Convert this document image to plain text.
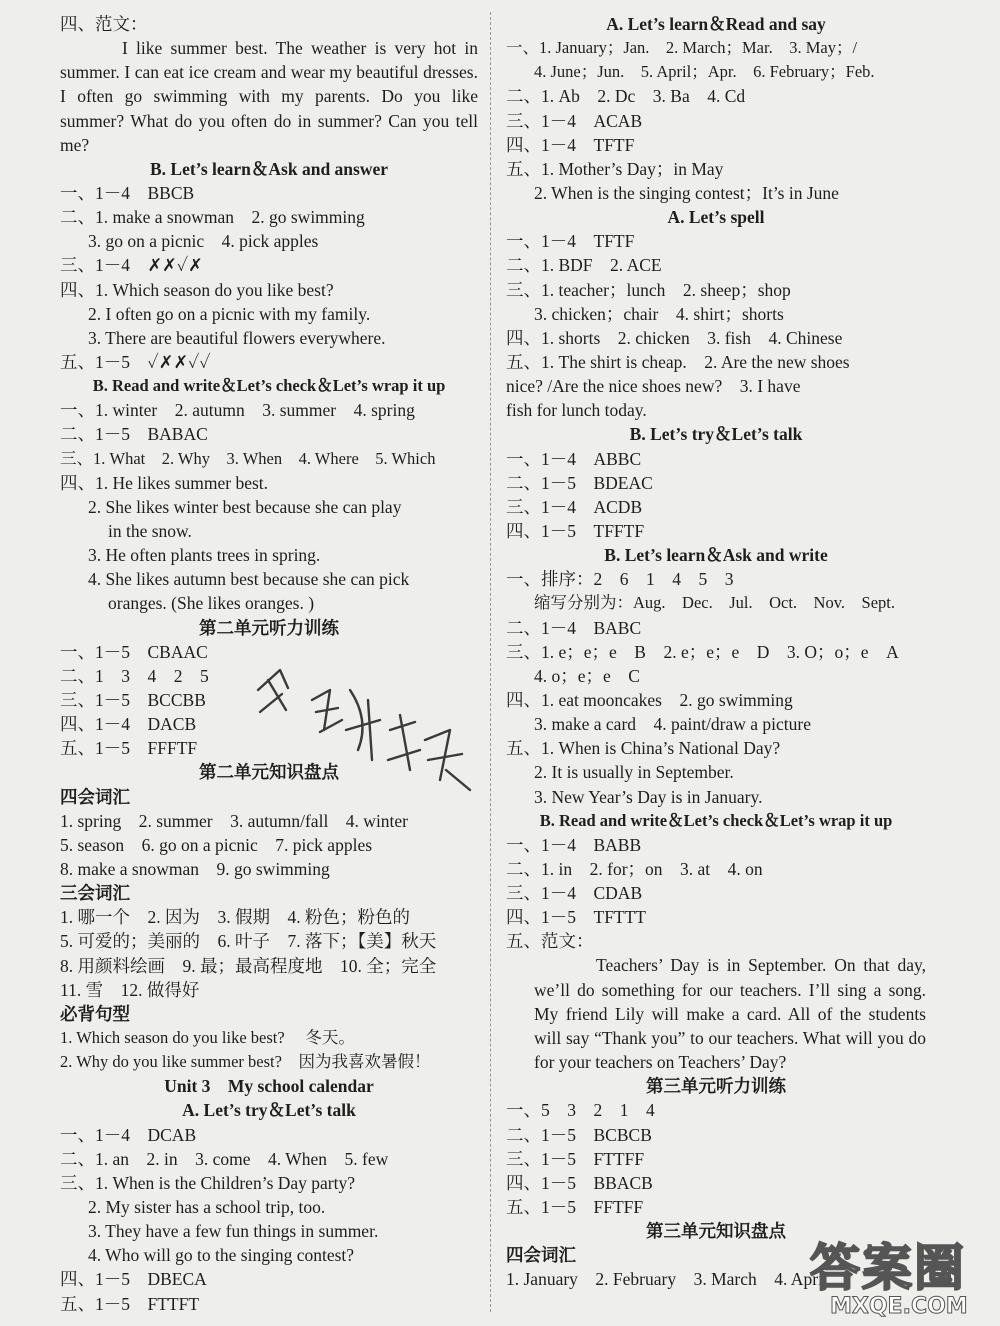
四、范文：
I like summer best. The weather is very hot in summer. I can eat ice cream and wear my beautiful dresses. I often go swimming with my parents. Do you like summer? What do you often do in summer? Can you tell me?
B. Let’s learn＆Ask and answer
一、1－4　BBCB
二、1. make a snowman　2. go swimming
3. go on a picnic　4. pick apples
三、1－4　✗✗✓✗
四、1. Which season do you like best?
2. I often go on a picnic with my family.
3. There are beautiful flowers everywhere.
五、1－5　✓✗✗✓✓
B. Read and write＆Let’s check＆Let’s wrap it up
一、1. winter　2. autumn　3. summer　4. spring
二、1－5　BABAC
三、1. What　2. Why　3. When　4. Where　5. Which
四、1. He likes summer best.
2. She likes winter best because she can play
in the snow.
3. He often plants trees in spring.
4. She likes autumn best because she can pick
oranges. (She likes oranges. )
第二单元听力训练
一、1－5　CBAAC
二、1　3　4　2　5
三、1－5　BCCBB
四、1－4　DACB
五、1－5　FFFTF
第二单元知识盘点
四会词汇
1. spring　2. summer　3. autumn/fall　4. winter
5. season　6. go on a picnic　7. pick apples
8. make a snowman　9. go swimming
三会词汇
1. 哪一个　2. 因为　3. 假期　4. 粉色；粉色的
5. 可爱的；美丽的　6. 叶子　7. 落下；【美】秋天
8. 用颜料绘画　9. 最；最高程度地　10. 全；完全
11. 雪　12. 做得好
必背句型
1. Which season do you like best?　 冬天。
2. Why do you like summer best?　因为我喜欢暑假！
Unit 3　My school calendar
A. Let’s try＆Let’s talk
一、1－4　DCAB
二、1. an　2. in　3. come　4. When　5. few
三、1. When is the Children’s Day party?
2. My sister has a school trip, too.
3. They have a few fun things in summer.
4. Who will go to the singing contest?
四、1－5　DBECA
五、1－5　FTTFT
A. Let’s learn＆Read and say
一、1. January；Jan.　2. March；Mar.　3. May；/
4. June；Jun.　5. April；Apr.　6. February；Feb.
二、1. Ab　2. Dc　3. Ba　4. Cd
三、1－4　ACAB
四、1－4　TFTF
五、1. Mother’s Day；in May
2. When is the singing contest；It’s in June
A. Let’s spell
一、1－4　TFTF
二、1. BDF　2. ACE
三、1. teacher；lunch　2. sheep；shop
3. chicken；chair　4. shirt；shorts
四、1. shorts　2. chicken　3. fish　4. Chinese
五、1. The shirt is cheap.　2. Are the new shoes
nice? /Are the nice shoes new?　3. I have
fish for lunch today.
B. Let’s try＆Let’s talk
一、1－4　ABBC
二、1－5　BDEAC
三、1－4　ACDB
四、1－5　TFFTF
B. Let’s learn＆Ask and write
一、排序：2　6　1　4　5　3
缩写分别为：Aug.　Dec.　Jul.　Oct.　Nov.　Sept.
二、1－4　BABC
三、1. e；e；e　B　2. e；e；e　D　3. O；o；e　A
4. o；e；e　C
四、1. eat mooncakes　2. go swimming
3. make a card　4. paint/draw a picture
五、1. When is China’s National Day?
2. It is usually in September.
3. New Year’s Day is in January.
B. Read and write＆Let’s check＆Let’s wrap it up
一、1－4　BABB
二、1. in　2. for；on　3. at　4. on
三、1－4　CDAB
四、1－5　TFTTT
五、范文：
Teachers’ Day is in September. On that day, we’ll do something for our teachers. I’ll sing a song. My friend Lily will make a card. All of the students will say “Thank you” to our teachers. What will you do for your teachers on Teachers’ Day?
第三单元听力训练
一、5　3　2　1　4
二、1－5　BCBCB
三、1－5　FTTFF
四、1－5　BBACB
五、1－5　FFTFF
第三单元知识盘点
四会词汇
1. January　2. February　3. March　4. April
答案圈
MXQE.COM
